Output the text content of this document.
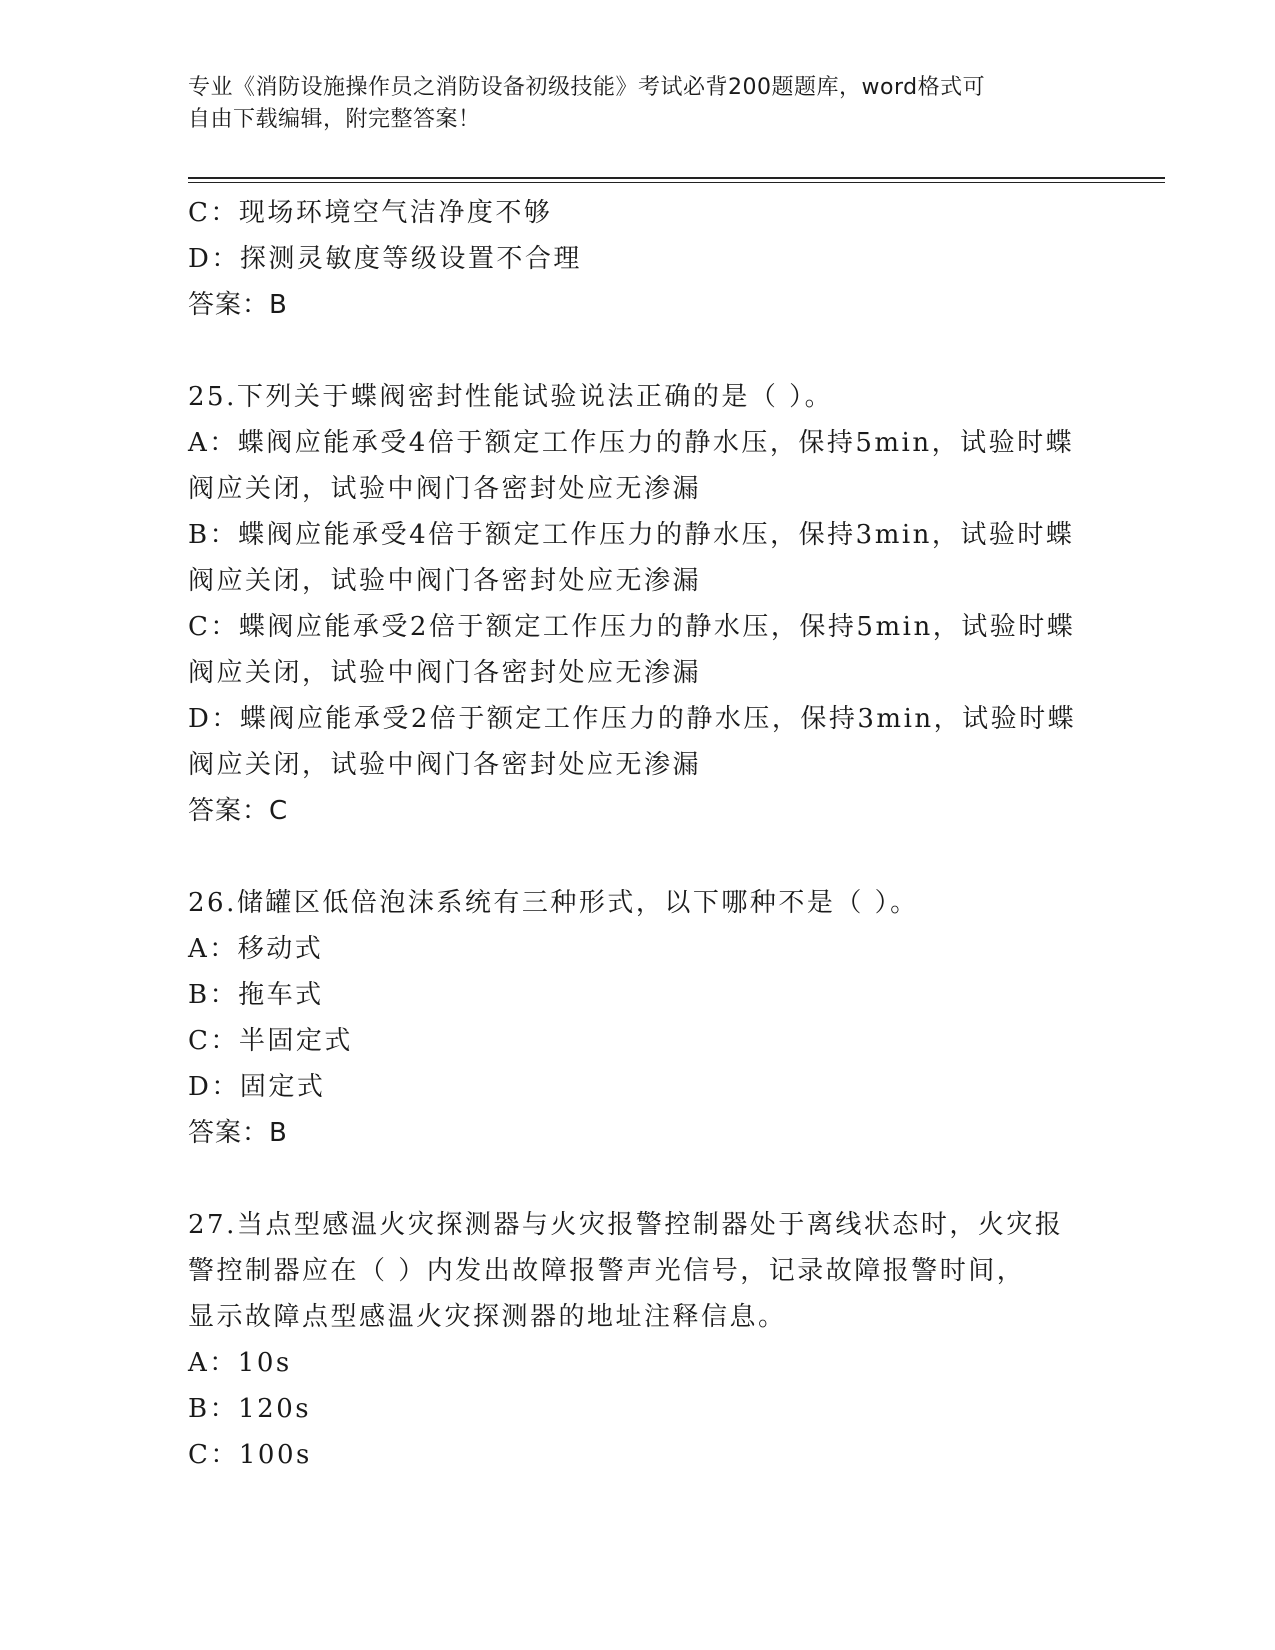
专业《消防设施操作员之消防设备初级技能》考试必背200题题库，word格式可
自由下载编辑，附完整答案！
C：现场环境空气洁净度不够
D：探测灵敏度等级设置不合理
答案：B
25.下列关于蝶阀密封性能试验说法正确的是（ ）。
A：蝶阀应能承受4倍于额定工作压力的静水压，保持5min，试验时蝶
阀应关闭，试验中阀门各密封处应无渗漏
B：蝶阀应能承受4倍于额定工作压力的静水压，保持3min，试验时蝶
阀应关闭，试验中阀门各密封处应无渗漏
C：蝶阀应能承受2倍于额定工作压力的静水压，保持5min，试验时蝶
阀应关闭，试验中阀门各密封处应无渗漏
D：蝶阀应能承受2倍于额定工作压力的静水压，保持3min，试验时蝶
阀应关闭，试验中阀门各密封处应无渗漏
答案：C
26.储罐区低倍泡沫系统有三种形式，以下哪种不是（ ）。
A：移动式
B：拖车式
C：半固定式
D：固定式
答案：B
27.当点型感温火灾探测器与火灾报警控制器处于离线状态时，火灾报
警控制器应在（ ）内发出故障报警声光信号，记录故障报警时间，
显示故障点型感温火灾探测器的地址注释信息。
A：10s
B：120s
C：100s
